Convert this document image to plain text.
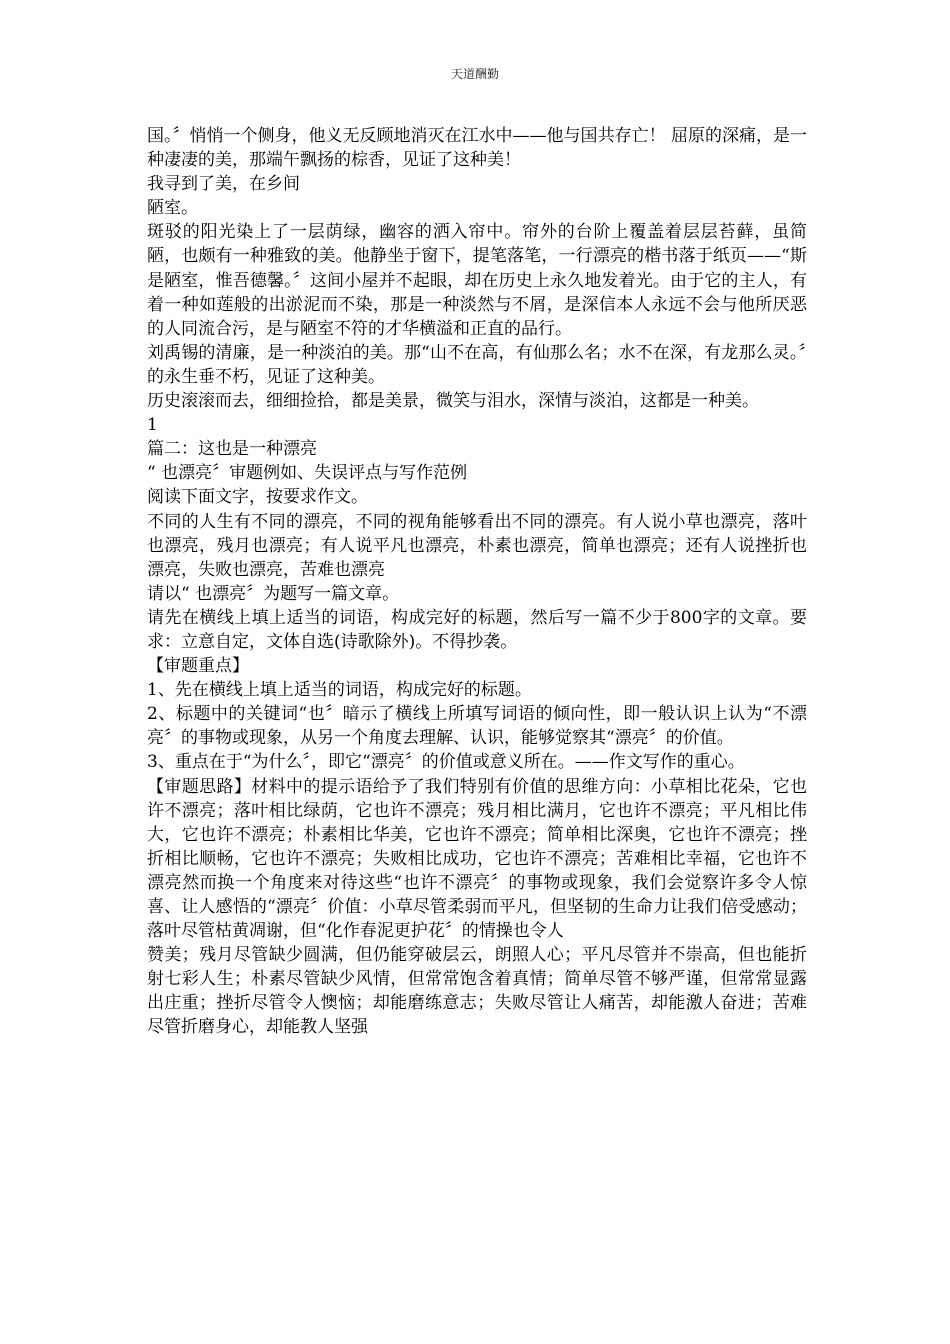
天道酬勤

国。〞悄悄一个侧身，他义无反顾地消灭在江水中——他与国共存亡！ 屈原的深痛，是一种凄凄的美，那端午飘扬的棕香，见证了这种美！

我寻到了美，在乡间

陋室。

斑驳的阳光染上了一层荫绿，幽容的洒入帘中。帘外的台阶上覆盖着层层苔藓，虽简陋，也颇有一种雅致的美。他静坐于窗下，提笔落笔，一行漂亮的楷书落于纸页——“斯是陋室，惟吾德馨。〞这间小屋并不起眼，却在历史上永久地发着光。由于它的主人，有着一种如莲般的出淤泥而不染，那是一种淡然与不屑，是深信本人永远不会与他所厌恶的人同流合污，是与陋室不符的才华横溢和正直的品行。

刘禹锡的清廉，是一种淡泊的美。那“山不在高，有仙那么名；水不在深，有龙那么灵。〞的永生垂不朽，见证了这种美。

历史滚滚而去，细细捡拾，都是美景，微笑与泪水，深情与淡泊，这都是一种美。

1

篇二：这也是一种漂亮

“ 也漂亮〞审题例如、失误评点与写作范例

阅读下面文字，按要求作文。

不同的人生有不同的漂亮，不同的视角能够看出不同的漂亮。有人说小草也漂亮，落叶也漂亮，残月也漂亮；有人说平凡也漂亮，朴素也漂亮，简单也漂亮；还有人说挫折也漂亮，失败也漂亮，苦难也漂亮

请以“ 也漂亮〞为题写一篇文章。

请先在横线上填上适当的词语，构成完好的标题，然后写一篇不少于800字的文章。要求：立意自定，文体自选(诗歌除外)。不得抄袭。

【审题重点】

1、先在横线上填上适当的词语，构成完好的标题。

2、标题中的关键词“也〞暗示了横线上所填写词语的倾向性，即一般认识上认为“不漂亮〞的事物或现象，从另一个角度去理解、认识，能够觉察其“漂亮〞的价值。

3、重点在于“为什么〞，即它“漂亮〞的价值或意义所在。——作文写作的重心。

【审题思路】材料中的提示语给予了我们特别有价值的思维方向：小草相比花朵，它也许不漂亮；落叶相比绿荫，它也许不漂亮；残月相比满月，它也许不漂亮；平凡相比伟大，它也许不漂亮；朴素相比华美，它也许不漂亮；简单相比深奥，它也许不漂亮；挫折相比顺畅，它也许不漂亮；失败相比成功，它也许不漂亮；苦难相比幸福，它也许不漂亮然而换一个角度来对待这些“也许不漂亮〞的事物或现象，我们会觉察许多令人惊喜、让人感悟的“漂亮〞价值：小草尽管柔弱而平凡，但坚韧的生命力让我们倍受感动；落叶尽管枯黄凋谢，但“化作春泥更护花〞的情操也令人

赞美；残月尽管缺少圆满，但仍能穿破层云，朗照人心；平凡尽管并不崇高，但也能折射七彩人生；朴素尽管缺少风情，但常常饱含着真情；简单尽管不够严谨，但常常显露出庄重；挫折尽管令人懊恼；却能磨练意志；失败尽管让人痛苦，却能激人奋进；苦难尽管折磨身心，却能教人坚强
